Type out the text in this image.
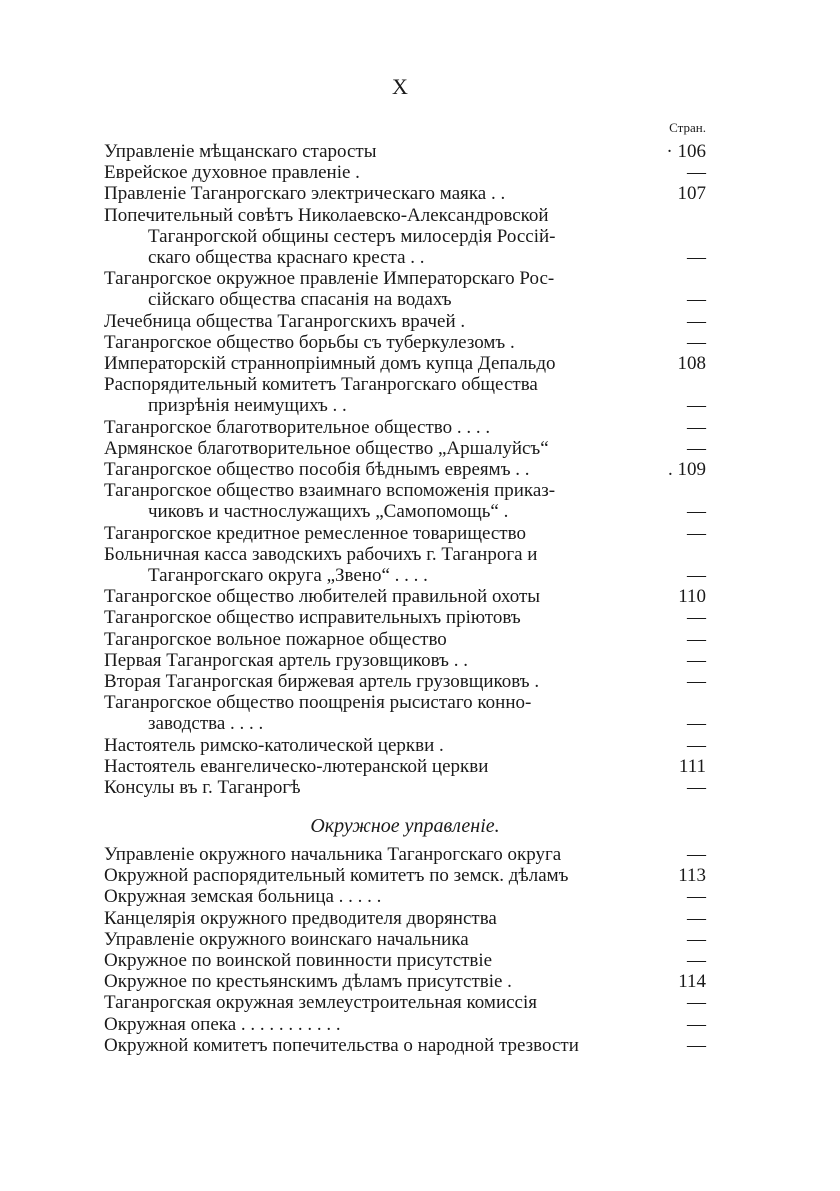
X
Стран.

Управленіе мѣщанскаго старосты	· 106

Еврейское духовное правленіе .	—

Правленіе Таганрогскаго электрическаго маяка . .	107

Попечительный совѣтъ Николаевско-Александровской
Таганрогской общины сестеръ милосердія Россій-
скаго общества краснаго креста . .	—

Таганрогское окружное правленіе Императорскаго Рос-
сійскаго общества спасанія на водахъ	—

Лечебница общества Таганрогскихъ врачей .	—

Таганрогское общество борьбы съ туберкулезомъ .	—

Императорскій страннопріимный домъ купца Депальдо	108

Распорядительный комитетъ Таганрогскаго общества
призрѣнія неимущихъ . .	—

Таганрогское благотворительное общество . . . .	—

Армянское благотворительное общество „Аршалуйсъ“	—

Таганрогское общество пособія бѣднымъ евреямъ . .	. 109

Таганрогское общество взаимнаго вспоможенія приказ-
чиковъ и частнослужащихъ „Самопомощь“ .	—

Таганрогское кредитное ремесленное товарищество	—

Больничная касса заводскихъ рабочихъ г. Таганрога и
Таганрогскаго округа „Звено“ . . . .	—

Таганрогское общество любителей правильной охоты	110

Таганрогское общество исправительныхъ пріютовъ	—

Таганрогское вольное пожарное общество	—

Первая Таганрогская артель грузовщиковъ . .	—

Вторая Таганрогская биржевая артель грузовщиковъ .	—

Таганрогское общество поощренія рысистаго конно-
заводства . . . .	—

Настоятель римско-католической церкви .	—

Настоятель евангелическо-лютеранской церкви	111

Консулы въ г. Таганрогѣ	—
Окружное управленіе.

Управленіе окружного начальника Таганрогскаго округа	—

Окружной распорядительный комитетъ по земск. дѣламъ	113

Окружная земская больница . . . . .	—

Канцелярія окружного предводителя дворянства	—

Управленіе окружного воинскаго начальника	—

Окружное по воинской повинности присутствіе	—

Окружное по крестьянскимъ дѣламъ присутствіе .	114

Таганрогская окружная землеустроительная комиссія	—

Окружная опека . . . . . . . . . . .	—

Окружной комитетъ попечительства о народной трезвости	—
